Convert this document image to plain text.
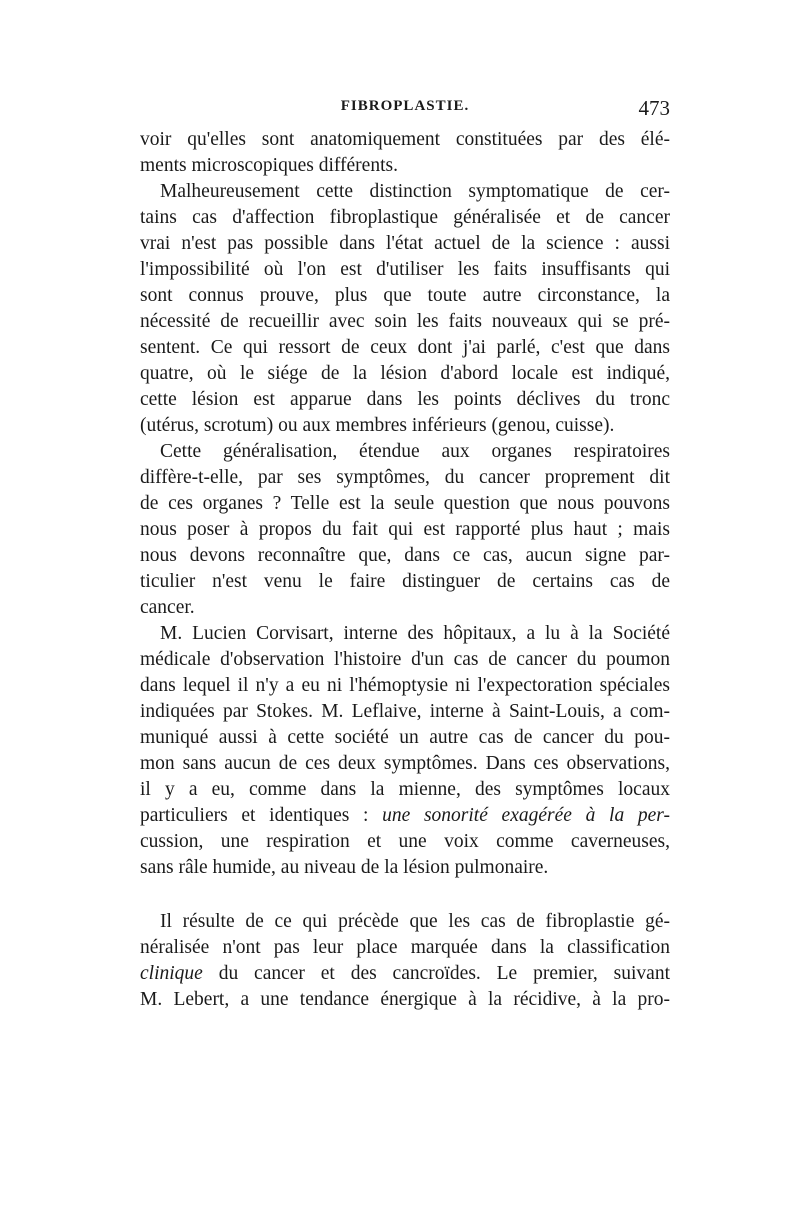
FIBROPLASTIE.	473
voir qu'elles sont anatomiquement constituées par des élé-
ments microscopiques différents.
Malheureusement cette distinction symptomatique de cer-
tains cas d'affection fibroplastique généralisée et de cancer
vrai n'est pas possible dans l'état actuel de la science : aussi
l'impossibilité où l'on est d'utiliser les faits insuffisants qui
sont connus prouve, plus que toute autre circonstance, la
nécessité de recueillir avec soin les faits nouveaux qui se pré-
sentent. Ce qui ressort de ceux dont j'ai parlé, c'est que dans
quatre, où le siége de la lésion d'abord locale est indiqué,
cette lésion est apparue dans les points déclives du tronc
(utérus, scrotum) ou aux membres inférieurs (genou, cuisse).
Cette généralisation, étendue aux organes respiratoires
diffère-t-elle, par ses symptômes, du cancer proprement dit
de ces organes ? Telle est la seule question que nous pouvons
nous poser à propos du fait qui est rapporté plus haut ; mais
nous devons reconnaître que, dans ce cas, aucun signe par-
ticulier n'est venu le faire distinguer de certains cas de
cancer.
M. Lucien Corvisart, interne des hôpitaux, a lu à la Société
médicale d'observation l'histoire d'un cas de cancer du poumon
dans lequel il n'y a eu ni l'hémoptysie ni l'expectoration spéciales
indiquées par Stokes. M. Leflaive, interne à Saint-Louis, a com-
muniqué aussi à cette société un autre cas de cancer du pou-
mon sans aucun de ces deux symptômes. Dans ces observations,
il y a eu, comme dans la mienne, des symptômes locaux
particuliers et identiques : une sonorité exagérée à la per-
cussion, une respiration et une voix comme caverneuses,
sans râle humide, au niveau de la lésion pulmonaire.
Il résulte de ce qui précède que les cas de fibroplastie gé-
néralisée n'ont pas leur place marquée dans la classification
clinique du cancer et des cancroïdes. Le premier, suivant
M. Lebert, a une tendance énergique à la récidive, à la pro-
